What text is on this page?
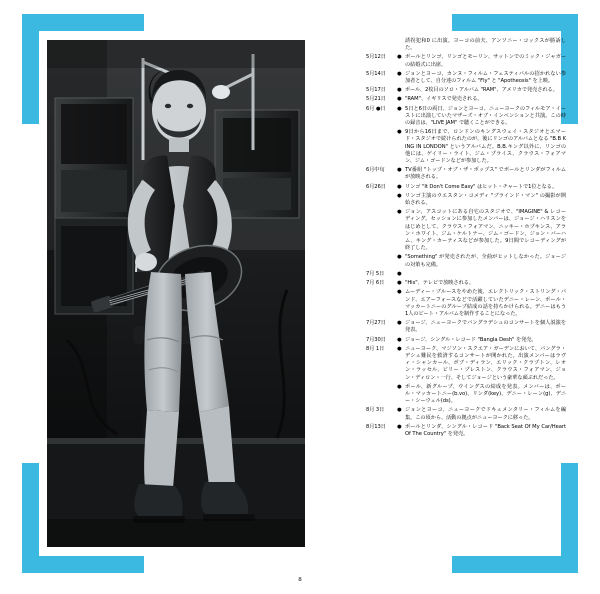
誘拐犯和0 に出演。ヨーコの前夫、アンソニー・コックスが勝訴した。
5月12日	● ボールとリンゴ、リンゴとモーリン、サットンでのミック・ジャガーの結婚式に出席。
5月14日	● ジョンとヨーコ、カンヌ・フィルム・フェスティバルの招かれない参加者として、自分達のフィルム "Fly" と "Apotheosis" を上映。
5月17日	● ポール、2枚目のソロ・アルバム "RAM"、アメリカで発売される。
5月21日	● "RAM"、イギリスで発売される。
6月 ●日	● 5日と6日の両日、ジョンとヨーコ、ニューヨークのフィルモア・イーストに出演していたマザーズ・オブ・インベンションと共演。この時の録音は、"LIVE JAM" で聴くことができる。
● 9日から16日まで、ロンドンのキングスウェイ・スタジオとエマード・スタジオで続けられたのが、後にリンゴのアルバムとなる "B.B KING IN LONDON" というアルバムだ。B.B.キング以外に、リンゴの他には、ゲイリー・ライト、ジム・プライス、クラウス・フォアマン、ジム・ゴードンなどが参加した。
6月中旬	● TV番組 "トップ・オブ・ザ・ポップス" でポールとリンダがフィルムが放映される。
6月26日	● リンゴ "It Don't Come Easy" はヒット・チャートで1位となる。
● リンゴ主演のウエスタン・コメディ "ブラインド・マン" の撮影が開始される。
● ジョン、アスコットにある自宅のスタジオで、"IMAGINE" & レコーディング。セッションに参加したメンバーは、ジョージ・ハリスンをはじめとして、クラウス・フォアマン、ニッキー・ホプキンス、アラン・ホワイト、ジム・ケルトナー、ジム・ゴードン、ジョン・バーハム、キング・カーティスなどが参加した。9日間でレコーディングが終了した。
● "Something" が発売されたが、全曲がヒットしなかった。ジョージの対策も完備。
7月 5日	●
7月 6日	● "His"、テレビで放映される。
● ムーディー・ブルースをやめた後、エレクトリック・ストリング・バンド、エアーフォースなどで活躍していたデニー・レーン、ポール・マッカートニーのグループ結成の話を持ちかけられる。デニーはもう1人のビート・アルバムを制作することになった。
7月27日	● ジョージ、ニューヨークでバングラデシュのコンサートを個人説演を発表。
7月30日	● ジョージ、シングル・レコード "Bangla Desh" を発売。
8月 1日	● ニューヨーク、マジソン・スクエア・ガーデンにおいて、バングラ・デシュ難民を救済するコンサートが開かれた。出演メンバーはラヴィ・シャンカール、ボブ・ディラン、エリック・クラプトン、レオン・ラッセル、ビリー・プレストン、クラウス・フォアマン、ジョン・ディロン・一行、そしてジョージという豪華な顔ぶれだった。
● ポール、新グループ、ウイングスの結成を発表。メンバーは、ポール・マッカートニー(b.vo)、リンダ(key)、デニー・レーン(g)、デニー・シーウェル(ds)。
8月 3日	● ジョンとヨーコ、ニューヨークでドキュメンタリー・フィルムを編集。この頃から、活動の拠点がニューヨークに移った。
8月13日	● ポールとリンダ、シングル・レコード "Back Seat Of My Car/Heart Of The Country" を発売。
8
